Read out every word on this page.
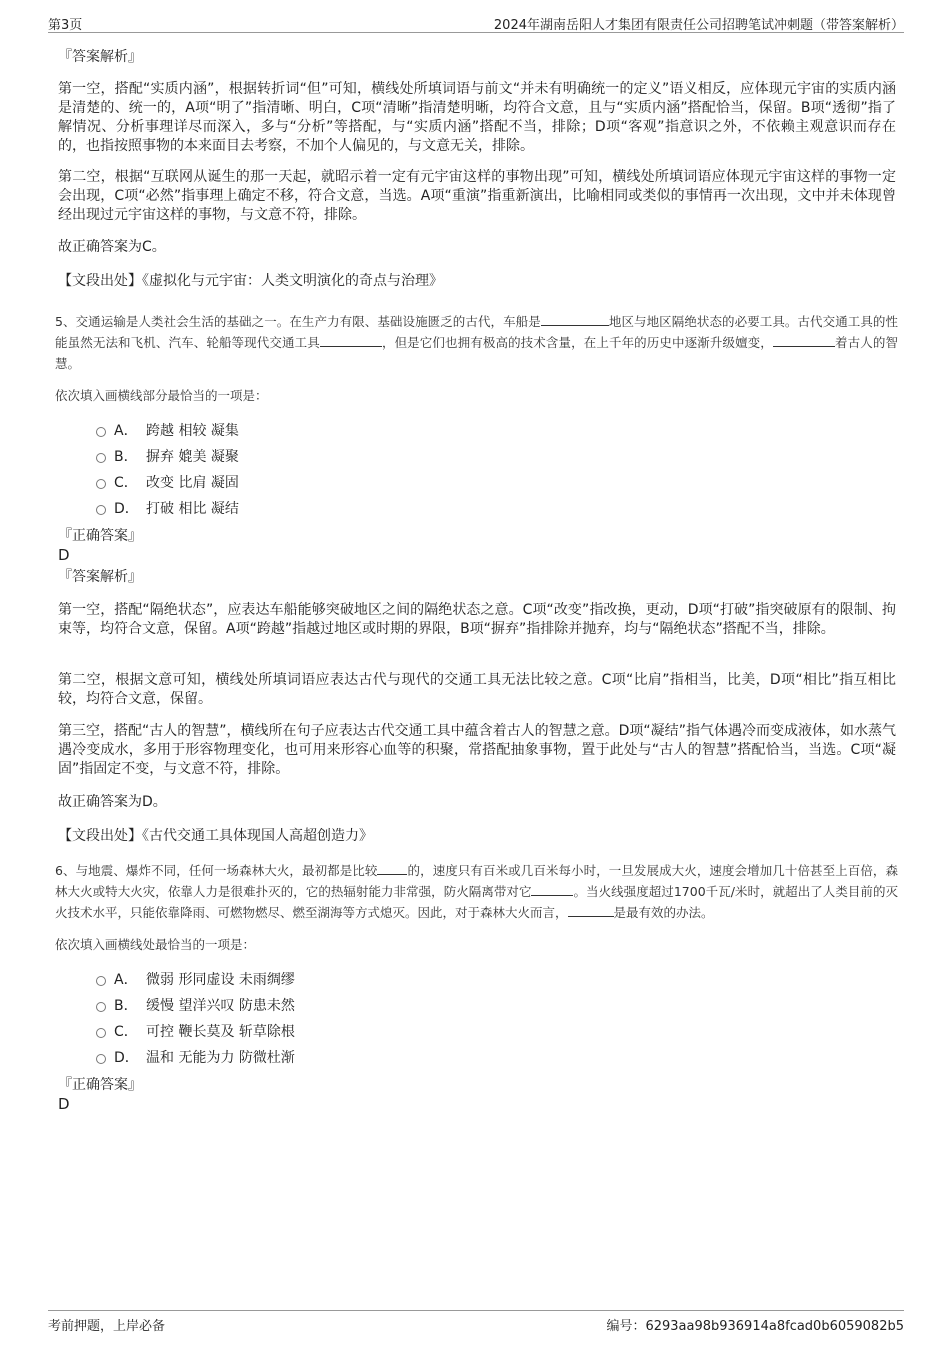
第3页	2024年湖南岳阳人才集团有限责任公司招聘笔试冲刺题（带答案解析）
『答案解析』
第一空，搭配“实质内涵”，根据转折词“但”可知，横线处所填词语与前文“并未有明确统一的定义”语义相反，应体现元宇宙的实质内涵是清楚的、统一的，A项“明了”指清晰、明白，C项“清晰”指清楚明晰，均符合文意，且与“实质内涵”搭配恰当，保留。B项“透彻”指了解情况、分析事理详尽而深入，多与“分析”等搭配，与“实质内涵”搭配不当，排除；D项“客观”指意识之外，不依赖主观意识而存在的，也指按照事物的本来面目去考察，不加个人偏见的，与文意无关，排除。
第二空，根据“互联网从诞生的那一天起，就昭示着一定有元宇宙这样的事物出现”可知，横线处所填词语应体现元宇宙这样的事物一定会出现，C项“必然”指事理上确定不移，符合文意，当选。A项“重演”指重新演出，比喻相同或类似的事情再一次出现，文中并未体现曾经出现过元宇宙这样的事物，与文意不符，排除。
故正确答案为C。
【文段出处】《虚拟化与元宇宙：人类文明演化的奇点与治理》
5、交通运输是人类社会生活的基础之一。在生产力有限、基础设施匮乏的古代，车船是	地区与地区隔绝状态的必要工具。古代交通工具的性能虽然无法和飞机、汽车、轮船等现代交通工具	，但是它们也拥有极高的技术含量，在上千年的历史中逐渐升级嬗变，	着古人的智慧。
依次填入画横线部分最恰当的一项是：
A． 跨越 相较 凝集
B． 摒弃 媲美 凝聚
C． 改变 比肩 凝固
D． 打破 相比 凝结
『正确答案』
D
『答案解析』
第一空，搭配“隔绝状态”，应表达车船能够突破地区之间的隔绝状态之意。C项“改变”指改换，更动，D项“打破”指突破原有的限制、拘束等，均符合文意，保留。A项“跨越”指越过地区或时期的界限，B项“摒弃”指排除并抛弃，均与“隔绝状态”搭配不当，排除。
第二空，根据文意可知，横线处所填词语应表达古代与现代的交通工具无法比较之意。C项“比肩”指相当，比美，D项“相比”指互相比较，均符合文意，保留。
第三空，搭配“古人的智慧”，横线所在句子应表达古代交通工具中蕴含着古人的智慧之意。D项“凝结”指气体遇冷而变成液体，如水蒸气遇冷变成水，多用于形容物理变化，也可用来形容心血等的积聚，常搭配抽象事物，置于此处与“古人的智慧”搭配恰当，当选。C项“凝固”指固定不变，与文意不符，排除。
故正确答案为D。
【文段出处】《古代交通工具体现国人高超创造力》
6、与地震、爆炸不同，任何一场森林大火，最初都是比较 的，速度只有百米或几百米每小时，一旦发展成大火，速度会增加几十倍甚至上百倍，森林大火或特大火灾，依靠人力是很难扑灭的，它的热辐射能力非常强，防火隔离带对它	。当火线强度超过1700千瓦/米时，就超出了人类目前的灭火技术水平，只能依靠降雨、可燃物燃尽、燃至湖海等方式熄灭。因此，对于森林大火而言，	是最有效的办法。
依次填入画横线处最恰当的一项是：
A． 微弱 形同虚设 未雨绸缪
B． 缓慢 望洋兴叹 防患未然
C． 可控 鞭长莫及 斩草除根
D． 温和 无能为力 防微杜渐
『正确答案』
D
考前押题，上岸必备	编号：6293aa98b936914a8fcad0b6059082b5
